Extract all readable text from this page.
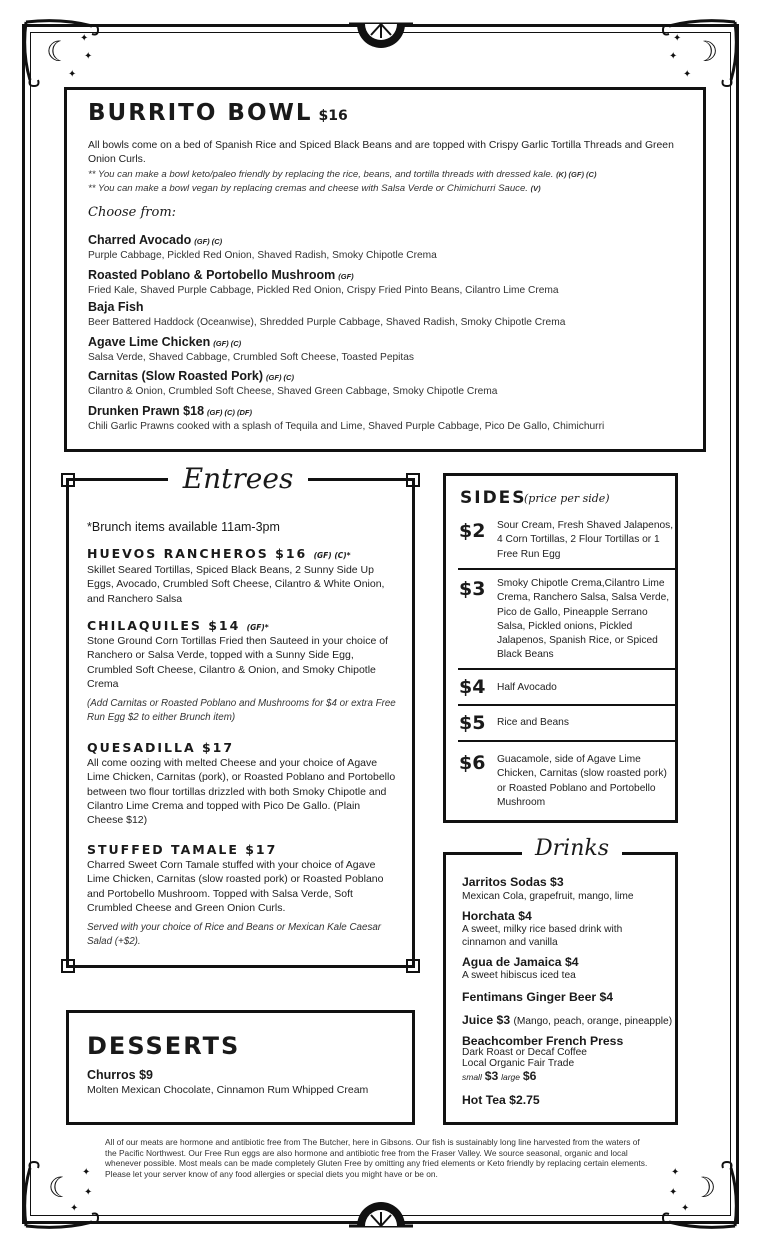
☾ ✦
✦
✦
☽
✦
✦
✦
☾ ✦
✦
✦
☽
✦
✦
✦
BURRITO BOWL $16
All bowls come on a bed of Spanish Rice and Spiced Black Beans and are topped with Crispy Garlic Tortilla Threads and Green Onion Curls.
** You can make a bowl keto/paleo friendly by replacing the rice, beans, and tortilla threads with dressed kale. (K) (GF) (C)
** You can make a bowl vegan by replacing cremas and cheese with Salsa Verde or Chimichurri Sauce. (V)
Choose from:
Charred Avocado (GF) (C)
Purple Cabbage, Pickled Red Onion, Shaved Radish, Smoky Chipotle Crema
Roasted Poblano & Portobello Mushroom (GF)
Fried Kale, Shaved Purple Cabbage, Pickled Red Onion, Crispy Fried Pinto Beans, Cilantro Lime Crema
Baja Fish
Beer Battered Haddock (Oceanwise), Shredded Purple Cabbage, Shaved Radish, Smoky Chipotle Crema
Agave Lime Chicken (GF) (C)
Salsa Verde, Shaved Cabbage, Crumbled Soft Cheese, Toasted Pepitas
Carnitas (Slow Roasted Pork) (GF) (C)
Cilantro & Onion, Crumbled Soft Cheese, Shaved Green Cabbage, Smoky Chipotle Crema
Drunken Prawn $18 (GF) (C) (DF)
Chili Garlic Prawns cooked with a splash of Tequila and Lime, Shaved Purple Cabbage, Pico De Gallo, Chimichurri
Entrees
*Brunch items available 11am-3pm
HUEVOS RANCHEROS $16 (GF) (C)*
Skillet Seared Tortillas, Spiced Black Beans, 2 Sunny Side Up Eggs, Avocado, Crumbled Soft Cheese, Cilantro & White Onion, and Ranchero Salsa
CHILAQUILES $14 (GF)*
Stone Ground Corn Tortillas Fried then Sauteed in your choice of Ranchero or Salsa Verde, topped with a Sunny Side Egg, Crumbled Soft Cheese, Cilantro & Onion, and Smoky Chipotle Crema
(Add Carnitas or Roasted Poblano and Mushrooms for $4 or extra Free Run Egg $2 to either Brunch item)
QUESADILLA $17
All come oozing with melted Cheese and your choice of Agave Lime Chicken, Carnitas (pork), or Roasted Poblano and Portobello between two flour tortillas drizzled with both Smoky Chipotle and Cilantro Lime Crema and topped with Pico De Gallo. (Plain Cheese $12)
STUFFED TAMALE $17
Charred Sweet Corn Tamale stuffed with your choice of Agave Lime Chicken, Carnitas (slow roasted pork) or Roasted Poblano and Portobello Mushroom. Topped with Salsa Verde, Soft Crumbled Cheese and Green Onion Curls.
Served with your choice of Rice and Beans or Mexican Kale Caesar Salad (+$2).
DESSERTS
Churros $9
Molten Mexican Chocolate, Cinnamon Rum Whipped Cream
SIDES
(price per side)
$2 Sour Cream, Fresh Shaved Jalapenos, 4 Corn Tortillas, 2 Flour Tortillas or 1 Free Run Egg
$3 Smoky Chipotle Crema,Cilantro Lime Crema, Ranchero Salsa, Salsa Verde, Pico de Gallo, Pineapple Serrano Salsa, Pickled onions, Pickled Jalapenos, Spanish Rice, or Spiced Black Beans
$4 Half Avocado
$5 Rice and Beans
$6 Guacamole, side of Agave Lime Chicken, Carnitas (slow roasted pork) or Roasted Poblano and Portobello Mushroom
Drinks
Jarritos Sodas $3
Mexican Cola, grapefruit, mango, lime
Horchata $4
A sweet, milky rice based drink with cinnamon and vanilla
Agua de Jamaica $4
A sweet hibiscus iced tea
Fentimans Ginger Beer $4
Juice $3 (Mango, peach, orange, pineapple)
Beachcomber French Press
Dark Roast or Decaf Coffee
Local Organic Fair Trade
small $3 large $6
Hot Tea $2.75
All of our meats are hormone and antibiotic free from The Butcher, here in Gibsons. Our fish is sustainably long line harvested from the waters of the Pacific Northwest. Our Free Run eggs are also hormone and antibiotic free from the Fraser Valley. We source seasonal, organic and local whenever possible. Most meals can be made completely Gluten Free by omitting any fried elements or Keto friendly by replacing certain elements. Please let your server know of any food allergies or special diets you might have or be on.
